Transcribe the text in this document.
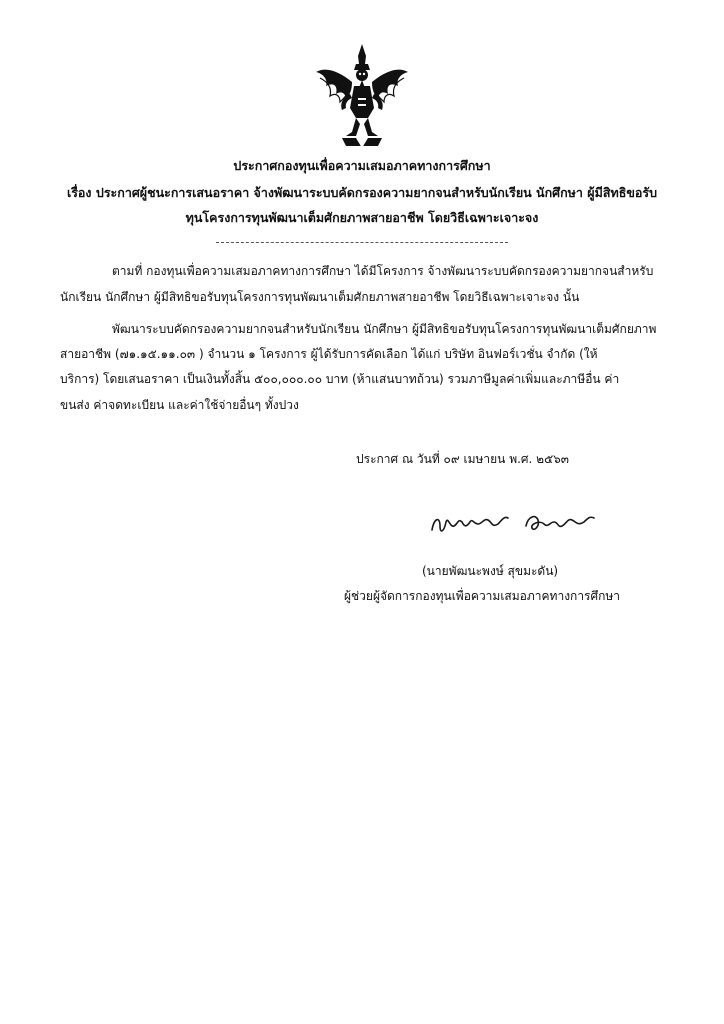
ประกาศกองทุนเพื่อความเสมอภาคทางการศึกษา
เรื่อง ประกาศผู้ชนะการเสนอราคา จ้างพัฒนาระบบคัดกรองความยากจนสำหรับนักเรียน นักศึกษา ผู้มีสิทธิขอรับ
ทุนโครงการทุนพัฒนาเต็มศักยภาพสายอาชีพ โดยวิธีเฉพาะเจาะจง
ตามที่ กองทุนเพื่อความเสมอภาคทางการศึกษา ได้มีโครงการ จ้างพัฒนาระบบคัดกรองความยากจนสำหรับ
นักเรียน นักศึกษา ผู้มีสิทธิขอรับทุนโครงการทุนพัฒนาเต็มศักยภาพสายอาชีพ โดยวิธีเฉพาะเจาะจง นั้น
พัฒนาระบบคัดกรองความยากจนสำหรับนักเรียน นักศึกษา ผู้มีสิทธิขอรับทุนโครงการทุนพัฒนาเต็มศักยภาพ
สายอาชีพ (๗๑.๑๕.๑๑.๐๓ ) จำนวน ๑ โครงการ ผู้ได้รับการคัดเลือก ได้แก่ บริษัท อินฟอร์เวชั่น จำกัด (ให้
บริการ) โดยเสนอราคา เป็นเงินทั้งสิ้น ๕๐๐,๐๐๐.๐๐ บาท (ห้าแสนบาทถ้วน) รวมภาษีมูลค่าเพิ่มและภาษีอื่น ค่า
ขนส่ง ค่าจดทะเบียน และค่าใช้จ่ายอื่นๆ ทั้งปวง
ประกาศ ณ วันที่ ๐๙ เมษายน พ.ศ. ๒๕๖๓
(นายพัฒนะพงษ์ สุขมะดัน)
ผู้ช่วยผู้จัดการกองทุนเพื่อความเสมอภาคทางการศึกษา
